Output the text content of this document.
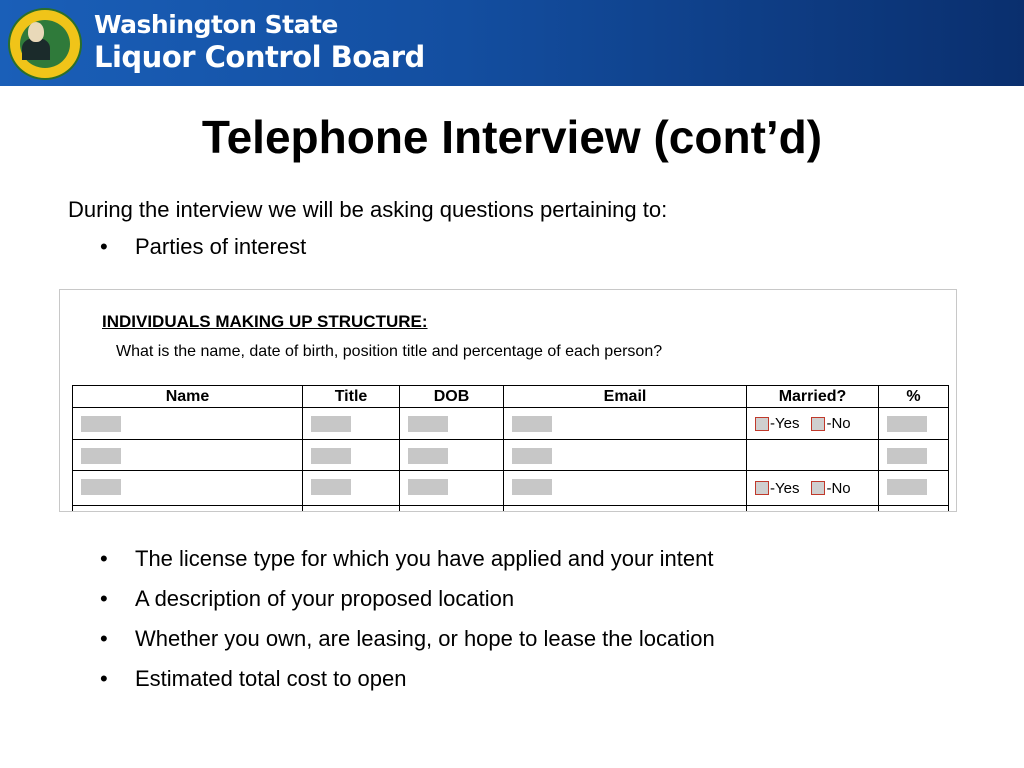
Washington State
Liquor Control Board
Telephone Interview (cont’d)
During the interview we will be asking questions pertaining to:
• Parties of interest
INDIVIDUALS MAKING UP STRUCTURE:
What is the name, date of birth, position title and percentage of each person?
Name	Title	DOB	Email	Married?	%

				-Yes -No	

				-Yes -No	

• The license type for which you have applied and your intent
• A description of your proposed location
• Whether you own, are leasing, or hope to lease the location
• Estimated total cost to open
